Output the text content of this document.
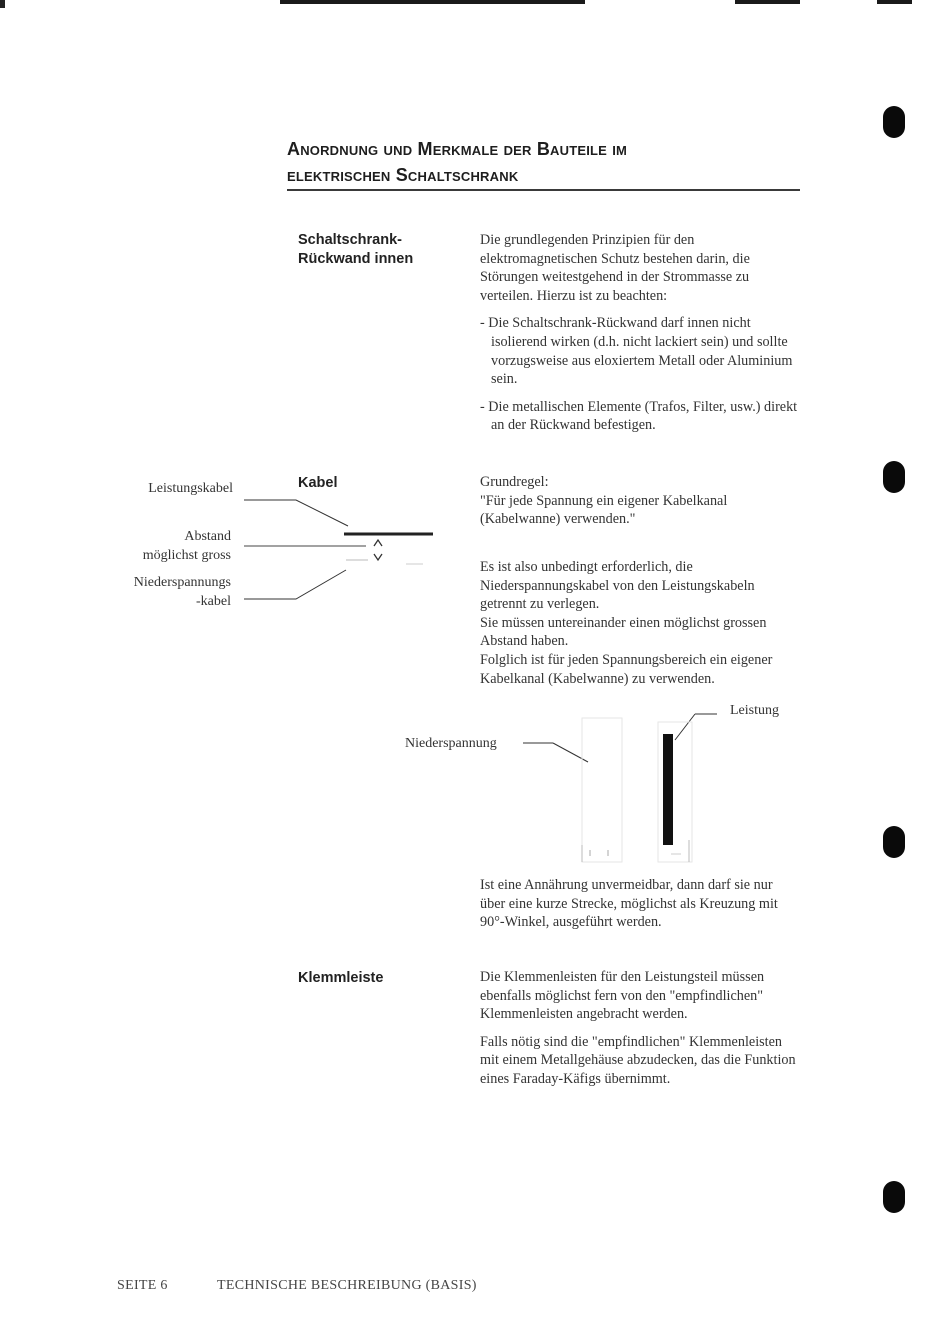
Anordnung und Merkmale der Bauteile im
elektrischen Schaltschrank
Schaltschrank-
Rückwand innen

Die grundlegenden Prinzipien für den elektromagnetischen Schutz bestehen darin, die Störungen weitestgehend in der Strommasse zu verteilen. Hierzu ist zu beachten:

- Die Schaltschrank-Rückwand darf innen nicht isolierend wirken (d.h. nicht lackiert sein) und sollte vorzugsweise aus eloxiertem Metall oder Aluminium sein.

- Die metallischen Elemente (Trafos, Filter, usw.) direkt an der Rückwand befestigen.

Kabel	Grundregel:

"Für jede Spannung ein eigener Kabelkanal (Kabelwanne) verwenden."

Es ist also unbedingt erforderlich, die Niederspannungskabel von den Leistungskabeln getrennt zu verlegen.

Sie müssen untereinander einen möglichst grossen Abstand haben.

Folglich ist für jeden Spannungsbereich ein eigener Kabelkanal (Kabelwanne) zu verwenden.

Leistungskabel
Abstand
möglichst gross
Niederspannungs
-kabel
Niederspannung
Leistung

Ist eine Annährung unvermeidbar, dann darf sie nur über eine kurze Strecke, möglichst als Kreuzung mit 90°-Winkel, ausgeführt werden.

Klemmleiste	Die Klemmenleisten für den Leistungsteil müssen ebenfalls möglichst fern von den "empfindlichen" Klemmenleisten angebracht werden.

Falls nötig sind die "empfindlichen" Klemmenleisten mit einem Metallgehäuse abzudecken, das die Funktion eines Faraday-Käfigs übernimmt.

SEITE 6	TECHNISCHE BESCHREIBUNG (BASIS)
